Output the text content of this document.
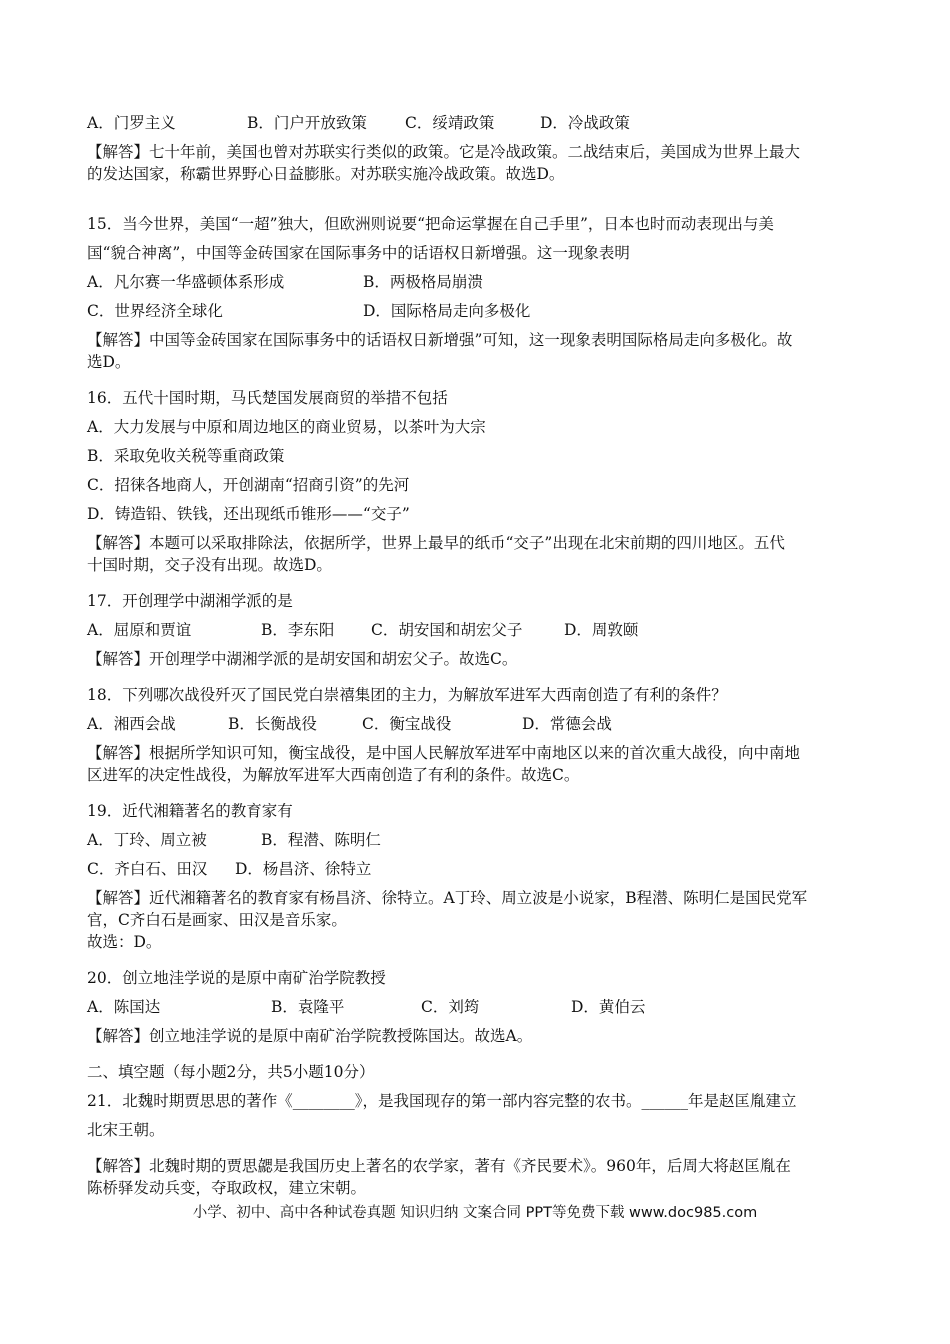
A．门罗主义	B．门户开放致策	C．绥靖政策	D．冷战政策
【解答】七十年前，美国也曾对苏联实行类似的政策。它是冷战政策。二战结束后，美国成为世界上最大
的发达国家，称霸世界野心日益膨胀。对苏联实施冷战政策。故选D。
15．当今世界，美国“一超”独大，但欧洲则说要“把命运掌握在自己手里”，日本也时而动表现出与美
国“貌合神离”，中国等金砖国家在国际事务中的话语权日新增强。这一现象表明
A．凡尔赛一华盛顿体系形成	B．两极格局崩溃
C．世界经济全球化	D．国际格局走向多极化
【解答】中国等金砖国家在国际事务中的话语权日新增强”可知，这一现象表明国际格局走向多极化。故
选D。
16．五代十国时期，马氏楚国发展商贸的举措不包括
A．大力发展与中原和周边地区的商业贸易，以茶叶为大宗
B．采取免收关税等重商政策
C．招徕各地商人，开创湖南“招商引资”的先河
D．铸造铅、铁钱，还出现纸币锥形——“交子”
【解答】本题可以采取排除法，依据所学，世界上最早的纸币“交子”出现在北宋前期的四川地区。五代
十国时期，交子没有出现。故选D。
17．开创理学中湖湘学派的是
A．屈原和贾谊	B．李东阳	C．胡安国和胡宏父子	D．周敦颐
【解答】开创理学中湖湘学派的是胡安国和胡宏父子。故选C。
18．下列哪次战役歼灭了国民党白崇禧集团的主力，为解放军进军大西南创造了有利的条件？
A．湘西会战	B．长衡战役	C．衡宝战役	D．常德会战
【解答】根据所学知识可知，衡宝战役，是中国人民解放军进军中南地区以来的首次重大战役，向中南地
区进军的决定性战役，为解放军进军大西南创造了有利的条件。故选C。
19．近代湘籍著名的教育家有
A．丁玲、周立被	B．程潜、陈明仁
C．齐白石、田汉	D．杨昌济、徐特立
【解答】近代湘籍著名的教育家有杨昌济、徐特立。A丁玲、周立波是小说家，B程潜、陈明仁是国民党军
官，C齐白石是画家、田汉是音乐家。
故选：D。
20．创立地洼学说的是原中南矿治学院教授
A．陈国达	B．袁隆平	C．刘筠	D．黄伯云
【解答】创立地洼学说的是原中南矿治学院教授陈国达。故选A。
二、填空题（每小题2分，共5小题10分）
21．北魏时期贾思思的著作《________》，是我国现存的第一部内容完整的农书。______年是赵匡胤建立
北宋王朝。
【解答】北魏时期的贾思勰是我国历史上著名的农学家，著有《齐民要术》。960年，后周大将赵匡胤在
陈桥驿发动兵变，夺取政权，建立宋朝。
小学、初中、高中各种试卷真题 知识归纳 文案合同 PPT等免费下载 www.doc985.com
